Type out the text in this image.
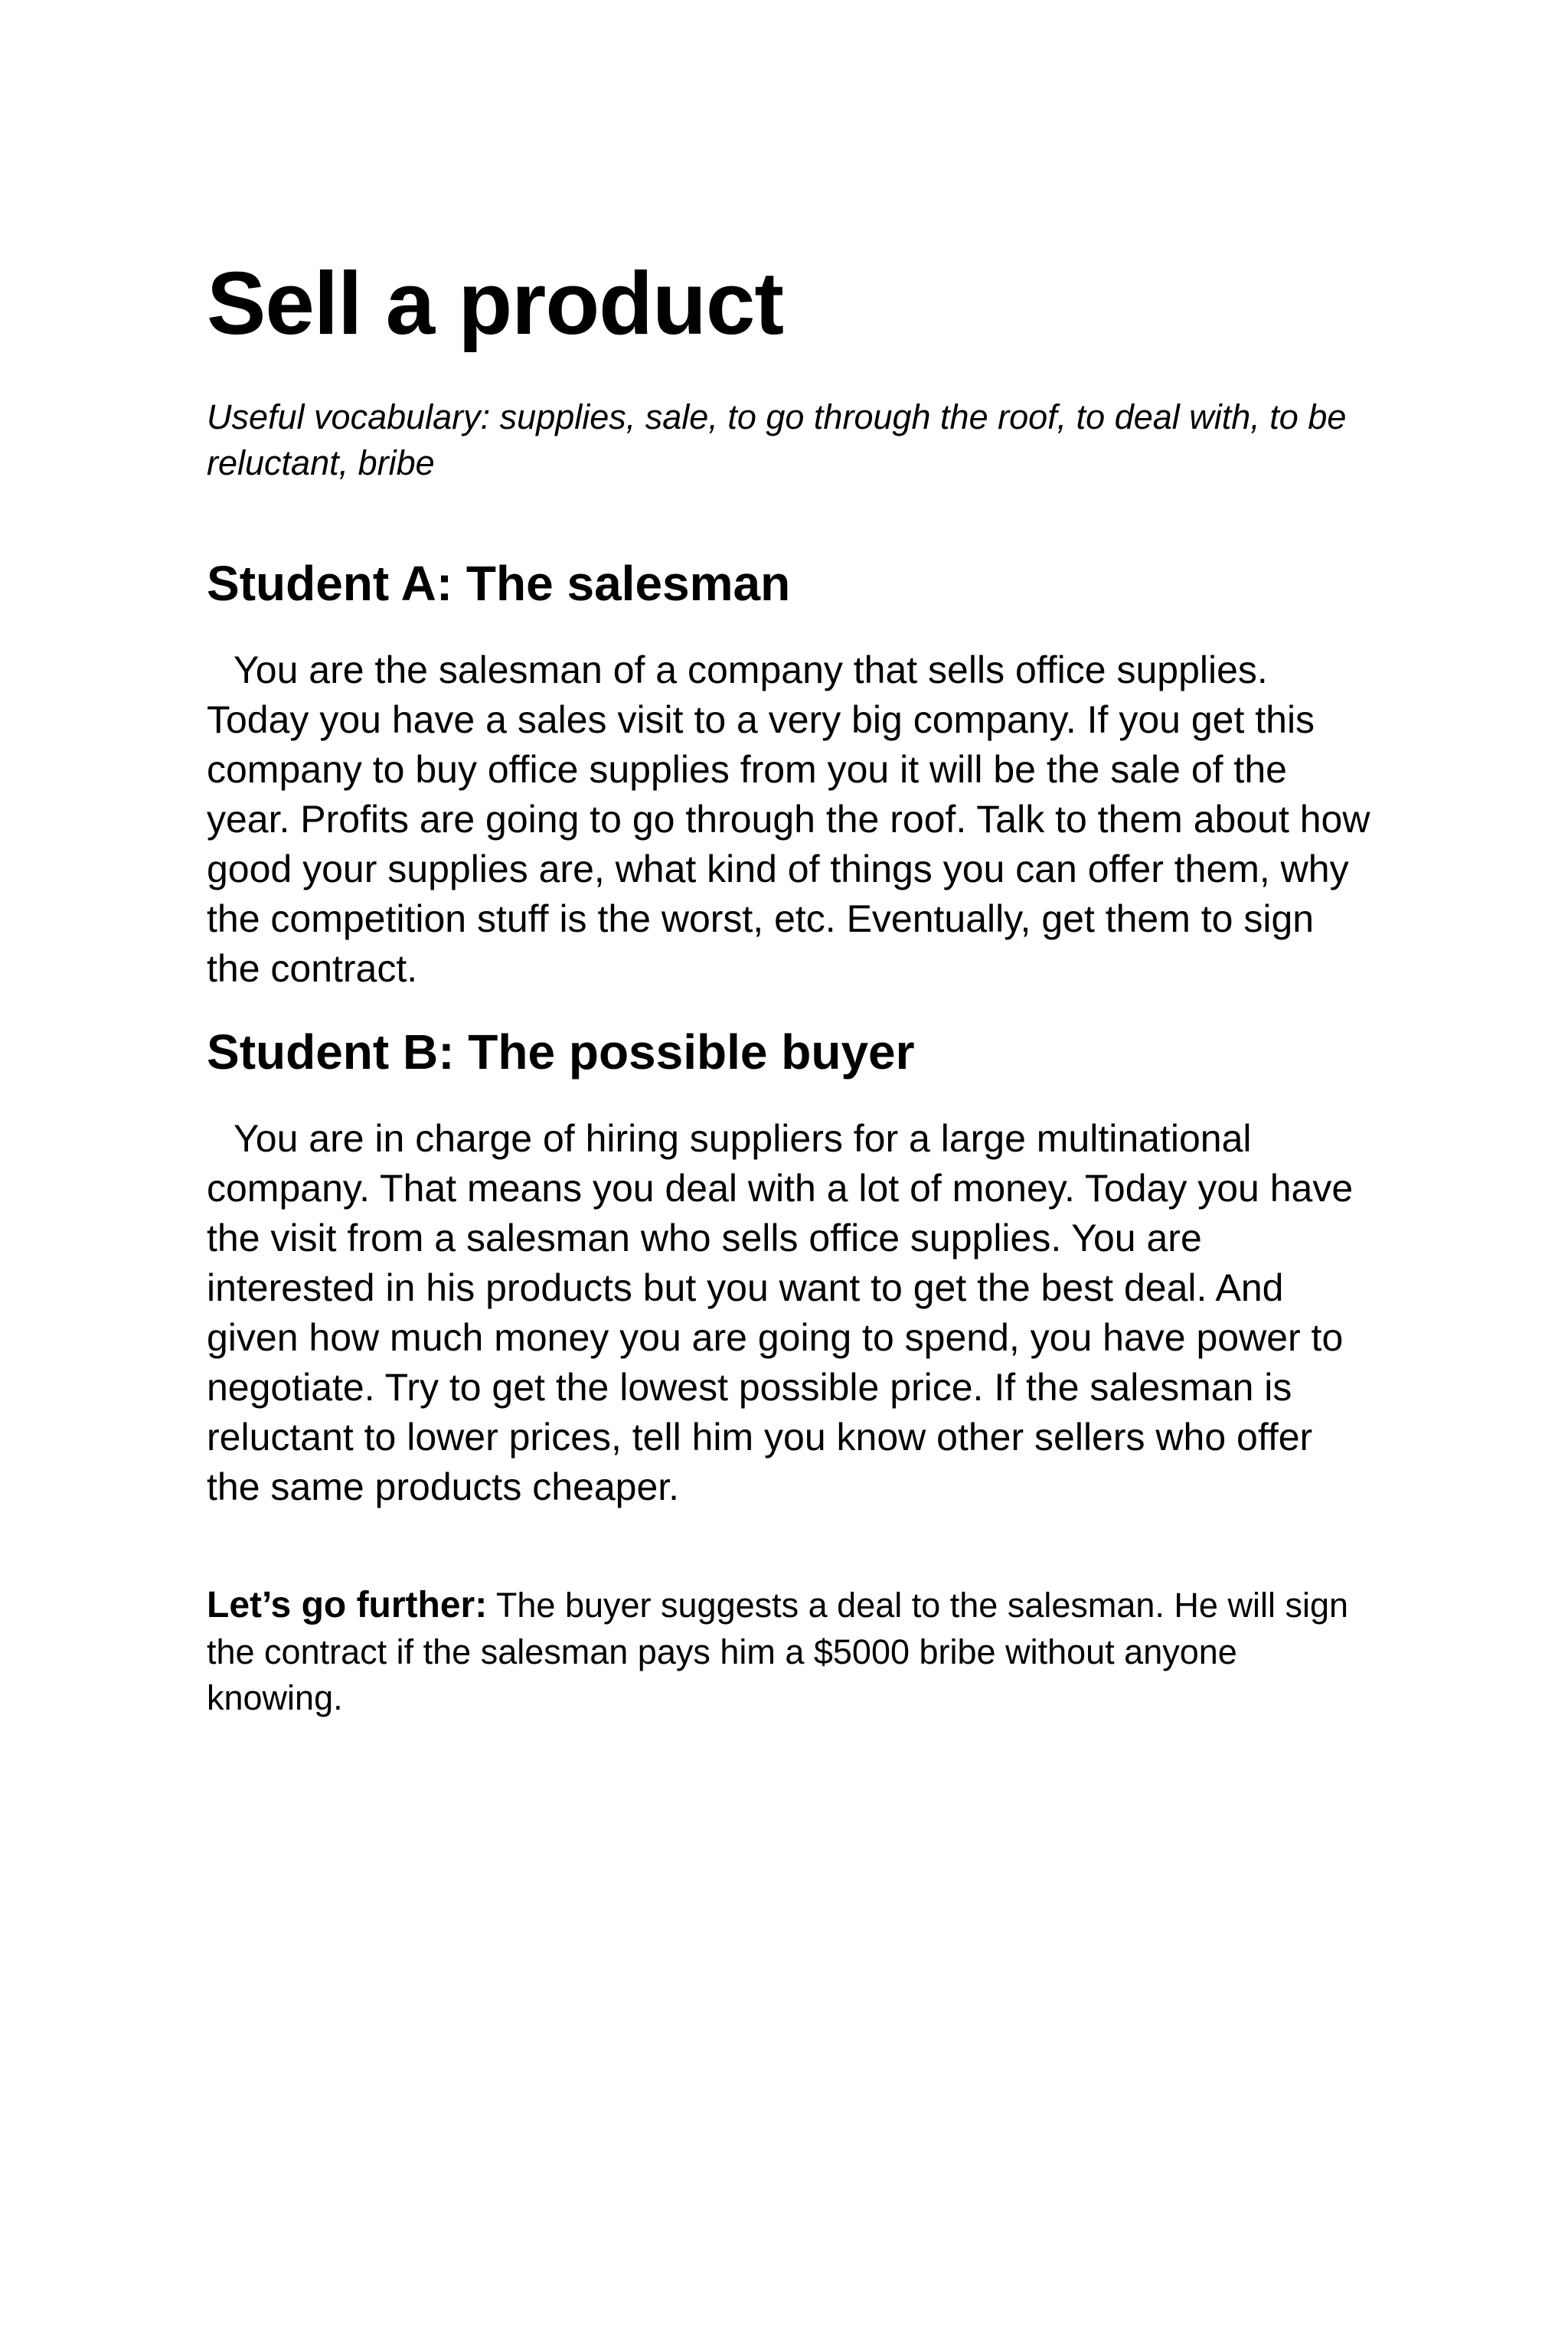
Sell a product

Useful vocabulary: supplies, sale, to go through the roof, to deal with, to be reluctant, bribe

Student A: The salesman

You are the salesman of a company that sells office supplies. Today you have a sales visit to a very big company. If you get this company to buy office supplies from you it will be the sale of the year. Profits are going to go through the roof. Talk to them about how good your supplies are, what kind of things you can offer them, why the competition stuff is the worst, etc. Eventually, get them to sign the contract.

Student B: The possible buyer

You are in charge of hiring suppliers for a large multinational company. That means you deal with a lot of money. Today you have the visit from a salesman who sells office supplies. You are interested in his products but you want to get the best deal. And given how much money you are going to spend, you have power to negotiate. Try to get the lowest possible price. If the salesman is reluctant to lower prices, tell him you know other sellers who offer the same products cheaper.

Let’s go further: The buyer suggests a deal to the salesman. He will sign the contract if the salesman pays him a $5000 bribe without anyone knowing.
